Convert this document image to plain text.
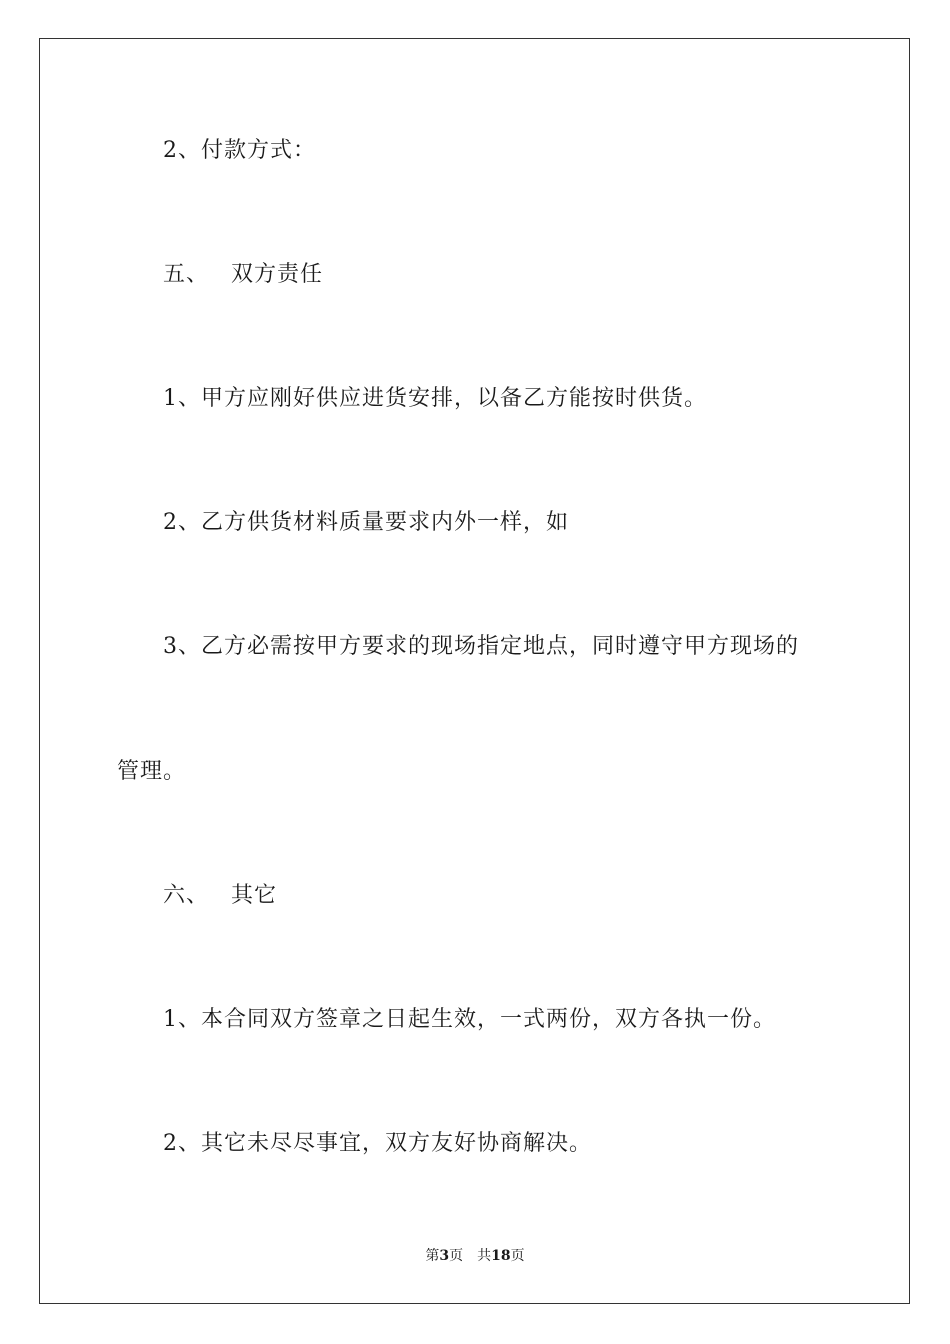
2、付款方式：
五、 双方责任
1、甲方应刚好供应进货安排，以备乙方能按时供货。
2、乙方供货材料质量要求内外一样，如
3、乙方必需按甲方要求的现场指定地点，同时遵守甲方现场的
管理。
六、 其它
1、本合同双方签章之日起生效，一式两份，双方各执一份。
2、其它未尽尽事宜，双方友好协商解决。
第3页 共18页
